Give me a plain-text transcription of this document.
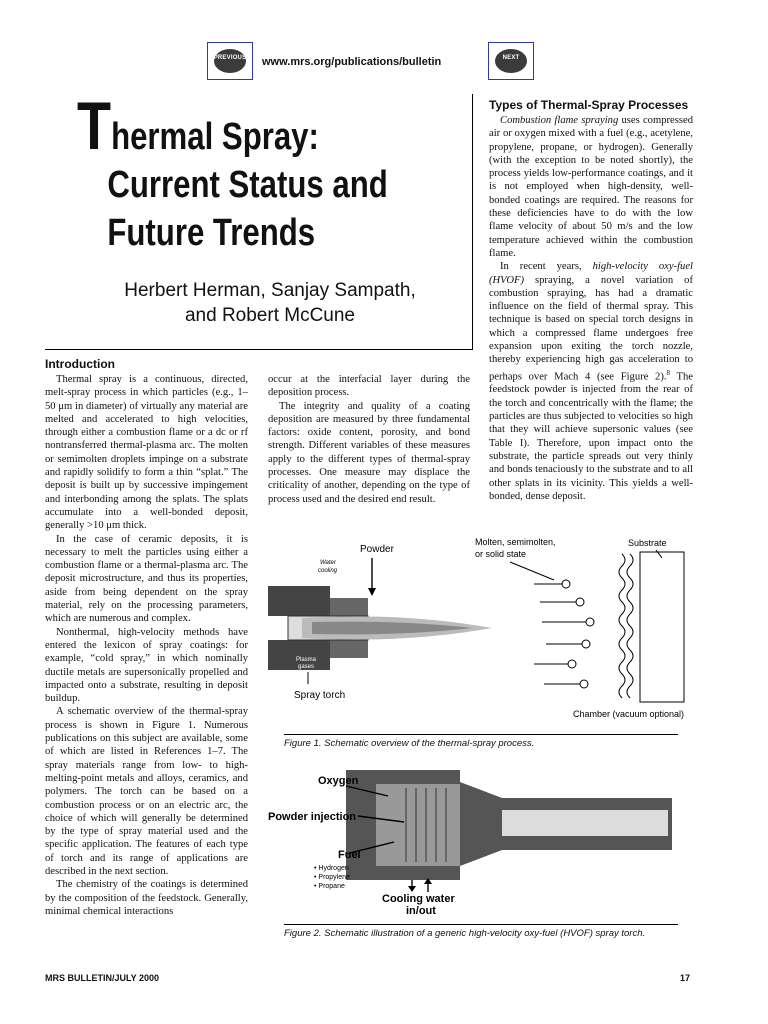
PREVIOUS	www.mrs.org/publications/bulletin	NEXT
Thermal Spray:
Current Status and
Future Trends
Herbert Herman, Sanjay Sampath,
and Robert McCune
Introduction

Thermal spray is a continuous, directed, melt-spray process in which particles (e.g., 1–50 μm in diameter) of virtually any material are melted and accelerated to high velocities, through either a combustion flame or a dc or rf nontransferred thermal-plasma arc. The molten or semimolten droplets impinge on a substrate and rapidly solidify to form a thin “splat.” The deposit is built up by successive impingement and interbonding among the splats. The splats accumulate into a well-bonded deposit, generally >10 μm thick.

In the case of ceramic deposits, it is necessary to melt the particles using either a combustion flame or a thermal-plasma arc. The deposit microstructure, and thus its properties, aside from being dependent on the spray material, rely on the processing parameters, which are numerous and complex.

Nonthermal, high-velocity methods have entered the lexicon of spray coatings: for example, “cold spray,” in which nominally ductile metals are supersonically propelled and impacted onto a substrate, resulting in deposit buildup.

A schematic overview of the thermal-spray process is shown in Figure 1. Numerous publications on this subject are available, some of which are listed in References 1–7. The spray materials range from low- to high-melting-point metals and alloys, ceramics, and polymers. The torch can be based on a combustion process or on an electric arc, the choice of which will generally be determined by the type of spray material used and the specific application. The features of each type of torch and its range of applications are described in the next section.

The chemistry of the coatings is determined by the composition of the feedstock. Generally, minimal chemical interactions

occur at the interfacial layer during the deposition process.

The integrity and quality of a coating deposition are measured by three fundamental factors: oxide content, porosity, and bond strength. Different variables of these measures apply to the different types of thermal-spray processes. One measure may displace the criticality of another, depending on the type of process used and the desired end result.

Types of Thermal-Spray Processes

Combustion flame spraying uses compressed air or oxygen mixed with a fuel (e.g., acetylene, propylene, propane, or hydrogen). Generally (with the exception to be noted shortly), the process yields low-performance coatings, and it is not employed when high-density, well-bonded coatings are required. The reasons for these deficiencies have to do with the low flame velocity of about 50 m/s and the low temperature achieved within the combustion flame.

In recent years, high-velocity oxy-fuel (HVOF) spraying, a novel variation of combustion spraying, has had a dramatic influence on the field of thermal spray. This technique is based on special torch designs in which a compressed flame undergoes free expansion upon exiting the torch nozzle, thereby experiencing high gas acceleration to perhaps over Mach 4 (see Figure 2).$^8$ The feedstock powder is injected from the rear of the torch and concentrically with the flame; the particles are thus subjected to velocities so high that they will achieve supersonic values (see Table I). Therefore, upon impact onto the substrate, the particle spreads out very thinly and bonds tenaciously to the substrate and to all other splats in its vicinity. This yields a well-bonded, dense deposit.

Powder
Water
cooling
Plasma
gases
Spray torch
Molten, semimolten,
or solid state
Substrate
Chamber (vacuum optional)
Figure 1. Schematic overview of the thermal-spray process.
Oxygen
Powder injection
Fuel
• Hydrogen
• Propylene
• Propane
Cooling water
in/out
Figure 2. Schematic illustration of a generic high-velocity oxy-fuel (HVOF) spray torch.
MRS BULLETIN/JULY 2000	17
